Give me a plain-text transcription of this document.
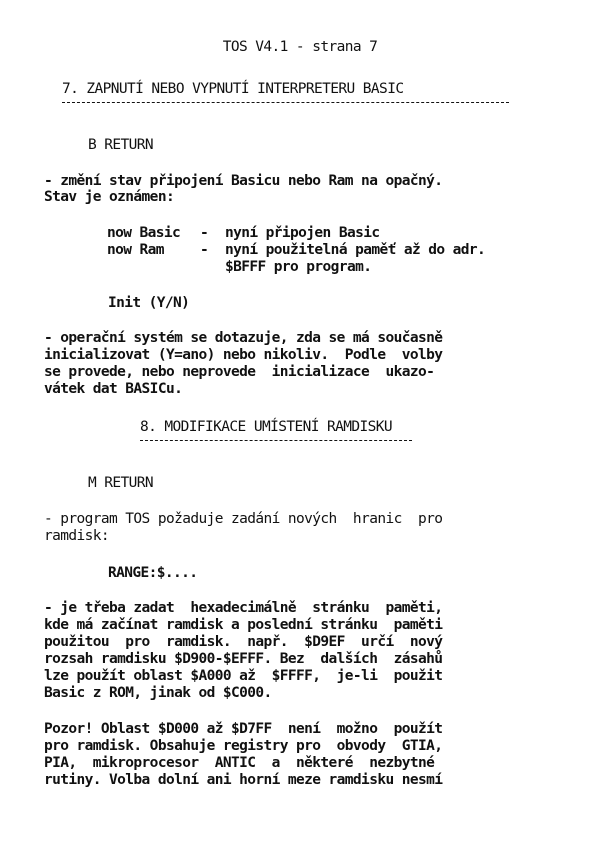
TOS V4.1 - strana 7
7. ZAPNUTÍ NEBO VYPNUTÍ INTERPRETERU BASIC
B RETURN
- změní stav připojení Basicu nebo Ram na opačný.
Stav je oznámen:
now Basic - nyní připojen Basic
now Ram - nyní použitelná paměť až do adr.
$BFFF pro program.
Init (Y/N)
- operační systém se dotazuje, zda se má současně
inicializovat (Y=ano) nebo nikoliv.  Podle  volby
se provede, nebo neprovede  inicializace  ukazo-
vátek dat BASICu.
8. MODIFIKACE UMÍSTENÍ RAMDISKU
M RETURN
- program TOS požaduje zadání nových  hranic  pro
ramdisk:
RANGE:$....
- je třeba zadat  hexadecimálně  stránku  paměti,
kde má začínat ramdisk a poslední stránku  paměti
použitou  pro  ramdisk.  např.  $D9EF  určí  nový
rozsah ramdisku $D900-$EFFF. Bez  dalších  zásahů
lze použít oblast $A000 až  $FFFF,  je-li  použit
Basic z ROM, jinak od $C000.
Pozor! Oblast $D000 až $D7FF  není  možno  použít
pro ramdisk. Obsahuje registry pro  obvody  GTIA,
PIA,  mikroprocesor  ANTIC  a  některé  nezbytné
rutiny. Volba dolní ani horní meze ramdisku nesmí
